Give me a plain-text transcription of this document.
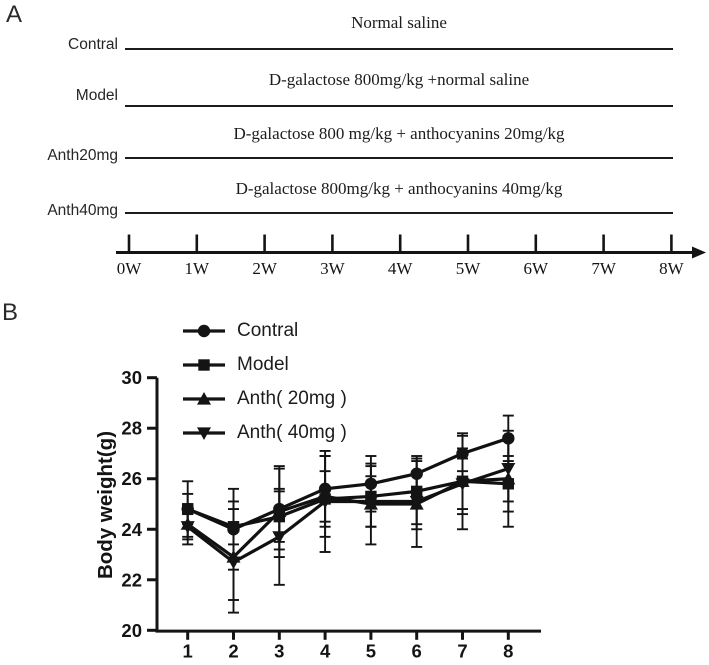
A	Normal saline
Contral
D-galactose 800mg/kg +normal saline
Model
D-galactose 800 mg/kg + anthocyanins 20mg/kg
Anth20mg
D-galactose 800mg/kg + anthocyanins 40mg/kg
Anth40mg
0W	1W	2W	3W	4W	5W	6W	7W	8W
B
20
22
24
26
28
30
1 2 3 4 5 6 7 8
Body weight(g)
Contral
Model
Anth( 20mg )
Anth( 40mg )
